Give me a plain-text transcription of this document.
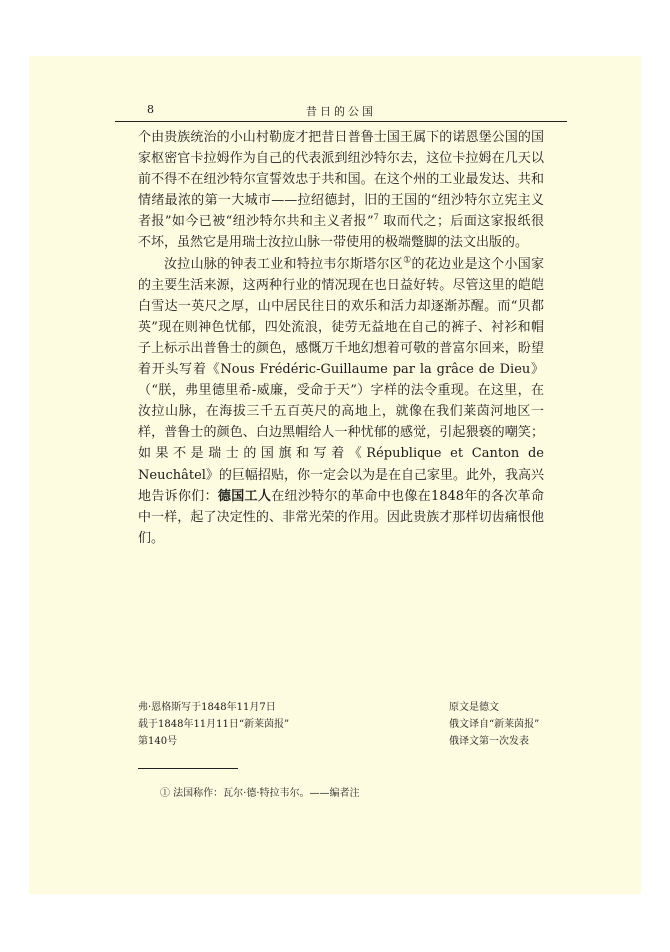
8	昔日的公国

个由贵族统治的小山村勒庞才把昔日普鲁士国王属下的诺恩堡公国的国家枢密官卡拉姆作为自己的代表派到纽沙特尔去，这位卡拉姆在几天以前不得不在纽沙特尔宣誓效忠于共和国。在这个州的工业最发达、共和情绪最浓的第一大城市——拉绍德封，旧的王国的“纽沙特尔立宪主义者报”如今已被“纽沙特尔共和主义者报”$^7$ 取而代之；后面这家报纸很不坏，虽然它是用瑞士汝拉山脉一带使用的极端蹩脚的法文出版的。

汝拉山脉的钟表工业和特拉韦尔斯塔尔区①的花边业是这个小国家的主要生活来源，这两种行业的情况现在也日益好转。尽管这里的皑皑白雪达一英尺之厚，山中居民往日的欢乐和活力却逐渐苏醒。而“贝都英”现在则神色忧郁，四处流浪，徒劳无益地在自己的裤子、衬衫和帽子上标示出普鲁士的颜色，感慨万千地幻想着可敬的普富尔回来，盼望着开头写着《Nous Frédéric-Guillaume par la grâce de Dieu》（“朕，弗里德里希-威廉，受命于天”）字样的法令重现。在这里，在汝拉山脉，在海拔三千五百英尺的高地上，就像在我们莱茵河地区一样，普鲁士的颜色、白边黑帽给人一种忧郁的感觉，引起猥亵的嘲笑；如果不是瑞士的国旗和写着《République et Canton de Neuchâtel》的巨幅招贴，你一定会以为是在自己家里。此外，我高兴地告诉你们：德国工人在纽沙特尔的革命中也像在1848年的各次革命中一样，起了决定性的、非常光荣的作用。因此贵族才那样切齿痛恨他们。

弗·恩格斯写于1848年11月7日
载于1848年11月11日“新莱茵报”
第140号
原文是德文
俄文译自“新莱茵报”
俄译文第一次发表
① 法国称作：瓦尔·德·特拉韦尔。——编者注
